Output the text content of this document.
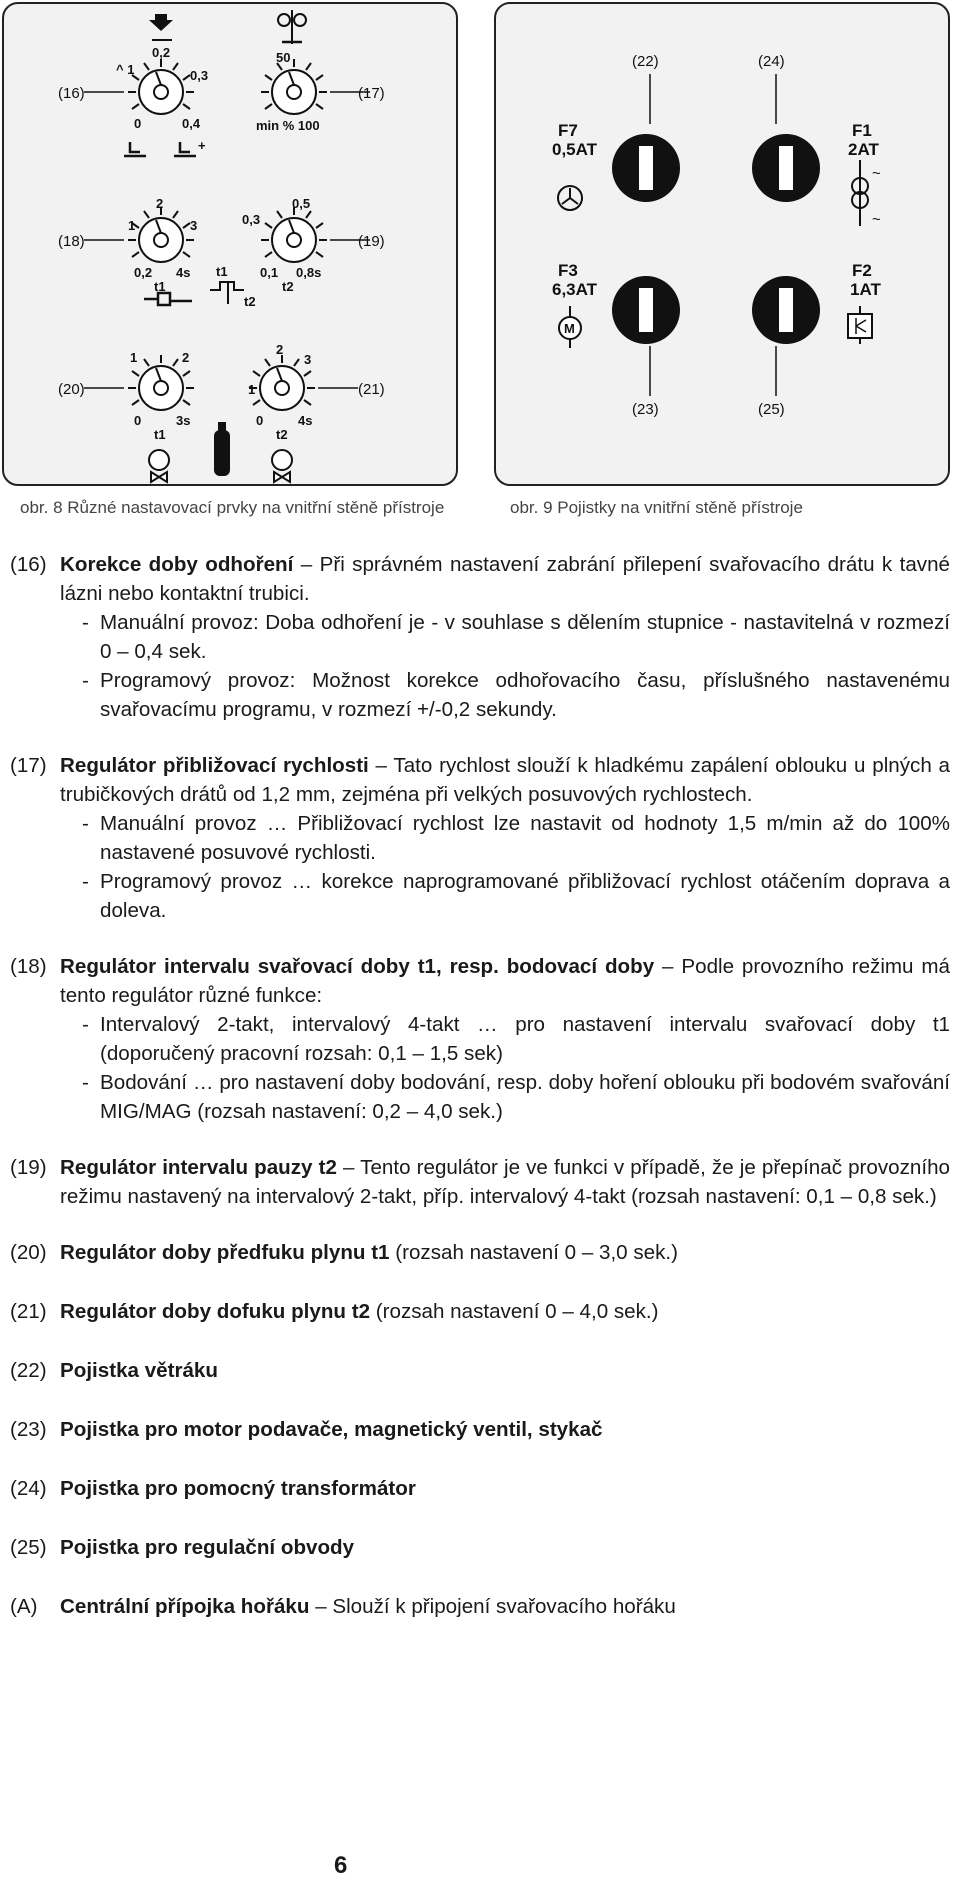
^ 1
0,2
0,3
0	0,4
+
50
min % 100
2
1	3
0,2 4s
t1
0,5
0,3
0,1 0,8s
t2
t1
t2
1	2
0	3s
t1
2
3
1
0	4s
t2
(16)	(17)
(18)	(19)
(20)	(21)
(22)	(24)
F7
0,5AT
F1
2AT
F3
6,3AT
F2
1AT
M
~
~
(23)	(25)
obr. 8 Různé nastavovací prvky na vnitřní stěně přístroje	obr. 9 Pojistky na vnitřní stěně přístroje
(16) Korekce doby odhoření – Při správném nastavení zabrání přilepení svařovacího drátu k tavné lázni nebo kontaktní trubici.
- Manuální provoz: Doba odhoření je - v souhlase s dělením stupnice - nastavitelná v rozmezí 0 – 0,4 sek.
- Programový provoz: Možnost korekce odhořovacího času, příslušného nastavenému svařovacímu programu, v rozmezí +/-0,2 sekundy.
(17) Regulátor přibližovací rychlosti – Tato rychlost slouží k hladkému zapálení oblouku u plných a trubičkových drátů od 1,2 mm, zejména při velkých posuvových rychlostech.
- Manuální provoz … Přibližovací rychlost lze nastavit od hodnoty 1,5 m/min až do 100% nastavené posuvové rychlosti.
- Programový provoz … korekce naprogramované přibližovací rychlost otáčením doprava a doleva.
(18) Regulátor intervalu svařovací doby t1, resp. bodovací doby – Podle provozního režimu má tento regulátor různé funkce:
- Intervalový 2-takt, intervalový 4-takt … pro nastavení intervalu svařovací doby t1 (doporučený pracovní rozsah: 0,1 – 1,5 sek)
- Bodování … pro nastavení doby bodování, resp. doby hoření oblouku při bodovém svařování MIG/MAG (rozsah nastavení: 0,2 – 4,0 sek.)
(19) Regulátor intervalu pauzy t2 – Tento regulátor je ve funkci v případě, že je přepínač provozního režimu nastavený na intervalový 2-takt, příp. intervalový 4-takt (rozsah nastavení: 0,1 – 0,8 sek.)
(20) Regulátor doby předfuku plynu t1 (rozsah nastavení 0 – 3,0 sek.)
(21) Regulátor doby dofuku plynu t2 (rozsah nastavení 0 – 4,0 sek.)
(22) Pojistka větráku
(23) Pojistka pro motor podavače, magnetický ventil, stykač
(24) Pojistka pro pomocný transformátor
(25) Pojistka pro regulační obvody
(A)	Centrální přípojka hořáku – Slouží k připojení svařovacího hořáku
6
